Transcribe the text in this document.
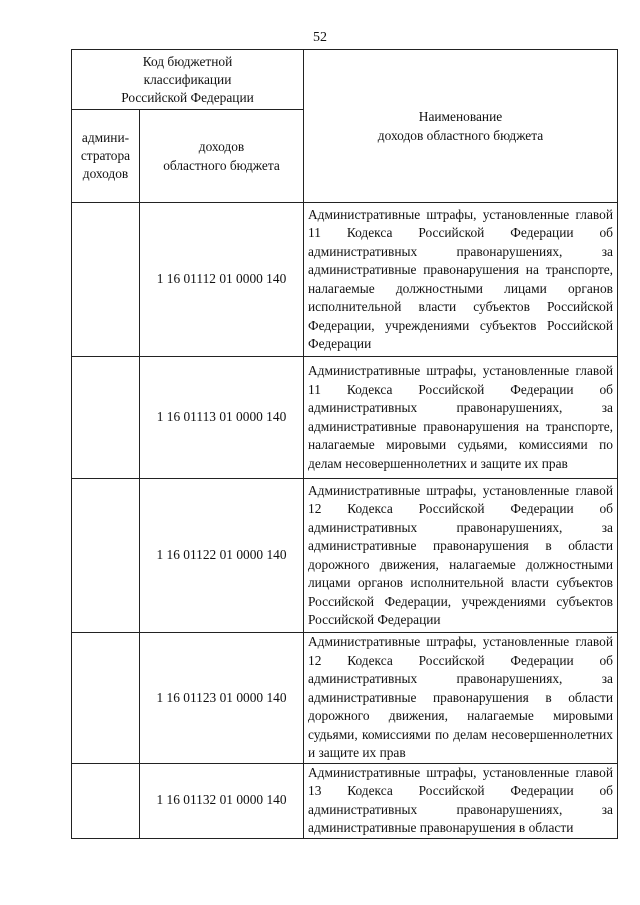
52
Код бюджетной
классификации
Российской Федерации		Наименование
доходов областного бюджета
админи-
стратора
доходов	доходов
областного бюджета	
	1 16 01112 01 0000 140	Административные штрафы, установленные главой 11 Кодекса Российской Федерации об административных правонарушениях, за административные правонарушения на транспорте, налагаемые должностными лицами органов исполнительной власти субъектов Российской Федерации, учреждениями субъектов Российской Федерации
	1 16 01113 01 0000 140	Административные штрафы, установленные главой 11 Кодекса Российской Федерации об административных правонарушениях, за административные правонарушения на транспорте, налагаемые мировыми судьями, комиссиями по делам несовершеннолетних и защите их прав
	1 16 01122 01 0000 140	Административные штрафы, установленные главой 12 Кодекса Российской Федерации об административных правонарушениях, за административные правонарушения в области дорожного движения, налагаемые должностными лицами органов исполнительной власти субъектов Российской Федерации, учреждениями субъектов Российской Федерации
	1 16 01123 01 0000 140	Административные штрафы, установленные главой 12 Кодекса Российской Федерации об административных правонарушениях, за административные правонарушения в области дорожного движения, налагаемые мировыми судьями, комиссиями по делам несовершеннолетних и защите их прав
	1 16 01132 01 0000 140	Административные штрафы, установленные главой 13 Кодекса Российской Федерации об административных правонарушениях, за административные правонарушения в области
